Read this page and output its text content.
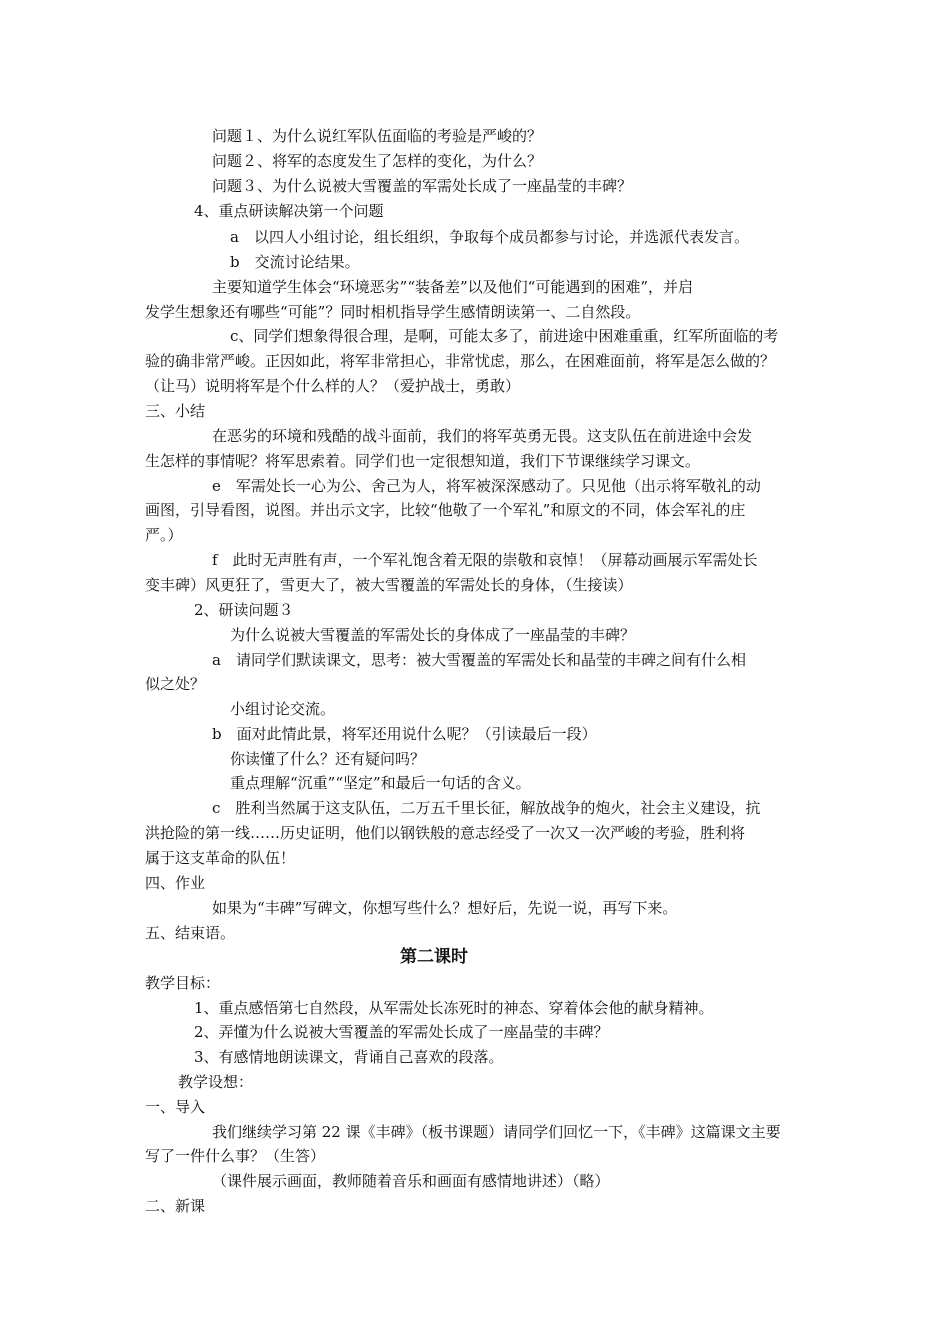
问题１、为什么说红军队伍面临的考验是严峻的？
问题２、将军的态度发生了怎样的变化，为什么？
问题３、为什么说被大雪覆盖的军需处长成了一座晶莹的丰碑？
4、重点研读解决第一个问题
a　以四人小组讨论，组长组织，争取每个成员都参与讨论，并选派代表发言。
b　交流讨论结果。
主要知道学生体会“环境恶劣”“装备差”以及他们“可能遇到的困难”，并启
发学生想象还有哪些“可能”？同时相机指导学生感情朗读第一、二自然段。
c、同学们想象得很合理，是啊，可能太多了，前进途中困难重重，红军所面临的考
验的确非常严峻。正因如此，将军非常担心，非常忧虑，那么，在困难面前，将军是怎么做的？
（让马）说明将军是个什么样的人？（爱护战士，勇敢）
三、小结
在恶劣的环境和残酷的战斗面前，我们的将军英勇无畏。这支队伍在前进途中会发
生怎样的事情呢？将军思索着。同学们也一定很想知道，我们下节课继续学习课文。
e　军需处长一心为公、舍己为人，将军被深深感动了。只见他（出示将军敬礼的动
画图，引导看图，说图。并出示文字，比较“他敬了一个军礼”和原文的不同，体会军礼的庄
严。）
f　此时无声胜有声，一个军礼饱含着无限的崇敬和哀悼！（屏幕动画展示军需处长
变丰碑）风更狂了，雪更大了，被大雪覆盖的军需处长的身体，（生接读）
2、研读问题３
为什么说被大雪覆盖的军需处长的身体成了一座晶莹的丰碑？
a　请同学们默读课文，思考：被大雪覆盖的军需处长和晶莹的丰碑之间有什么相
似之处？
小组讨论交流。
b　面对此情此景，将军还用说什么呢？（引读最后一段）
你读懂了什么？还有疑问吗？
重点理解“沉重”“坚定”和最后一句话的含义。
c　胜利当然属于这支队伍，二万五千里长征，解放战争的炮火，社会主义建设，抗
洪抢险的第一线……历史证明，他们以钢铁般的意志经受了一次又一次严峻的考验，胜利将
属于这支革命的队伍！
四、作业
如果为“丰碑”写碑文，你想写些什么？想好后，先说一说，再写下来。
五、结束语。
第二课时
教学目标：
1、重点感悟第七自然段，从军需处长冻死时的神态、穿着体会他的献身精神。
2、弄懂为什么说被大雪覆盖的军需处长成了一座晶莹的丰碑？
3、有感情地朗读课文，背诵自己喜欢的段落。
教学设想：
一、导入
我们继续学习第 22 课《丰碑》（板书课题）请同学们回忆一下，《丰碑》这篇课文主要
写了一件什么事？（生答）
（课件展示画面，教师随着音乐和画面有感情地讲述）（略）
二、新课
